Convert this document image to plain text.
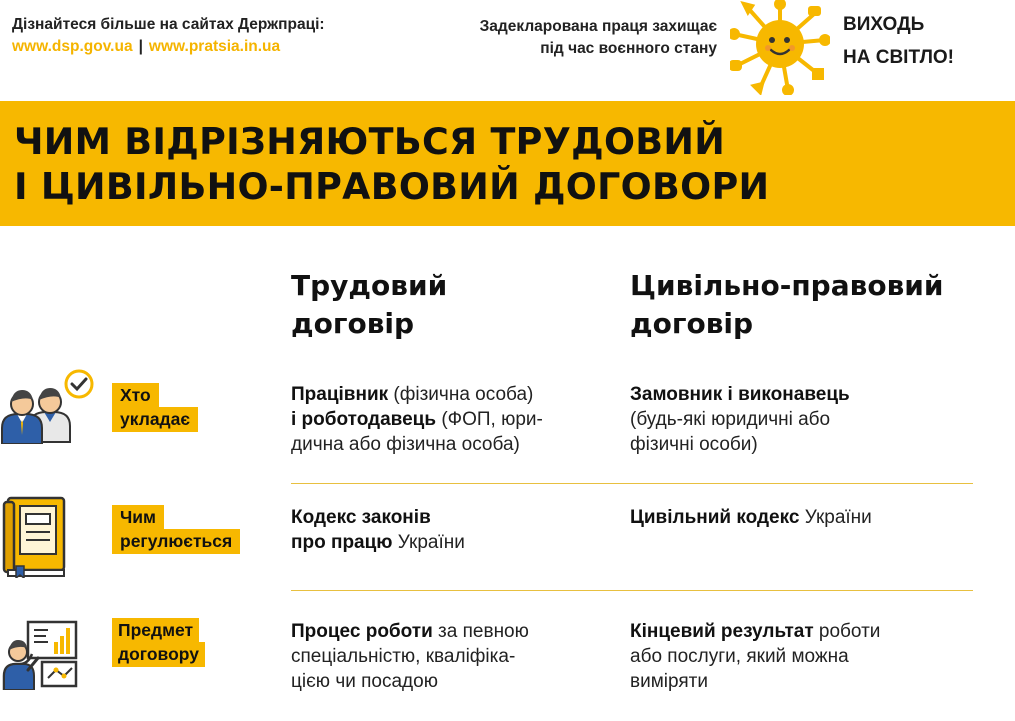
Дізнайтеся більше на сайтах Держпраці:
www.dsp.gov.ua | www.pratsia.in.ua
Задекларована праця захищає
під час воєнного стану
ВИХОДЬ
НА СВІТЛО!
ЧИМ ВІДРІЗНЯЮТЬСЯ ТРУДОВИЙ
І ЦИВІЛЬНО-ПРАВОВИЙ ДОГОВОРИ
Трудовий
договір
Цивільно-правовий
договір
Хто
укладає
Працівник (фізична особа)
і роботодавець (ФОП, юри-
дична або фізична особа)
Замовник і виконавець
(будь-які юридичні або
фізичні особи)
Чим
регулюється
Кодекс законів
про працю України
Цивільний кодекс України
Предмет
договору
Процес роботи за певною
спеціальністю, кваліфіка-
цією чи посадою
Кінцевий результат роботи
або послуги, який можна
виміряти
